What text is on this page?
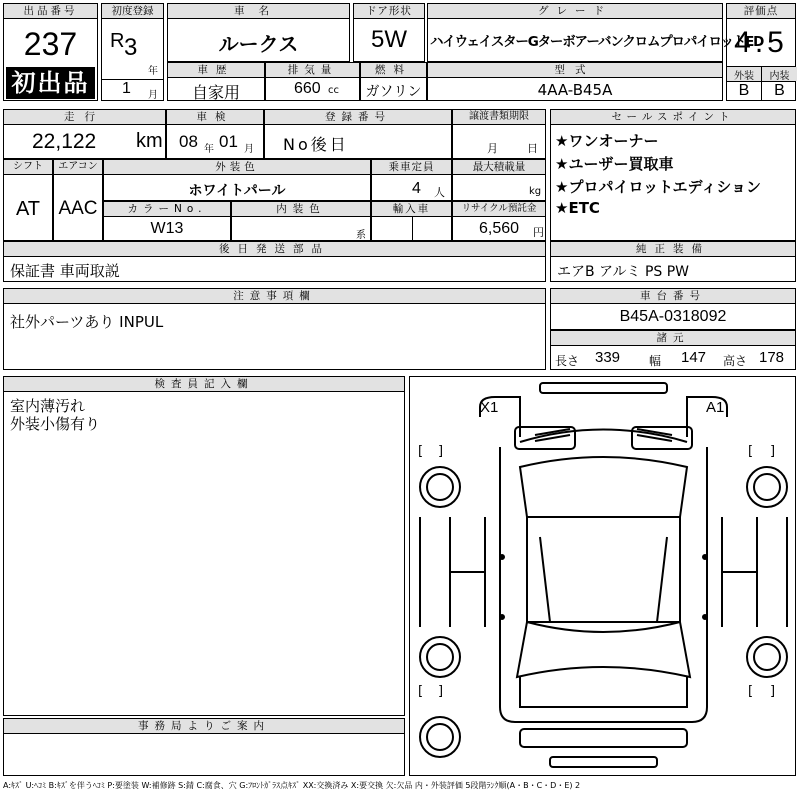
出品番号
237
初出品
初度登録
R 3
年
1 月
車名
ルークス
ドア形状
5W
グレード
ハイウェイスターGターボアーバンクロムプロパイロットED
評価点
4.5
外装	内装
B	B
車歴
自家用
排気量
660 cc
燃料
ガソリン
型式
4AA-B45A
走行
22,122 km
車検
08 年 01 月
登録番号
No後日
譲渡書類期限
月	日
シフト
AT
エアコン
AAC
外装色
ホワイトパール
乗車定員
4 人
最大積載量
kg
カラーNo.
W13
内装色
系
輸入車	リサイクル預託金
6,560 円
後日発送部品
保証書 車両取説
セールスポイント
★ワンオーナー
★ユーザー買取車
★プロパイロットエディション
★ETC
純正装備
エアB アルミ PS PW
注意事項欄
社外パーツあり INPUL
車台番号
B45A-0318092
諸元
長さ 339 幅 147 高さ 178
検査員記入欄
室内薄汚れ
外装小傷有り
事務局よりご案内
X1	A1
[ ]	[ ]
[ ]	[ ]
A:ｷｽﾞ U:ﾍｺﾐ B:ｷｽﾞを伴うﾍｺﾐ P:要塗装 W:補修跡 S:錆 C:腐食、穴 G:ﾌﾛﾝﾄｶﾞﾗｽ点ｷｽﾞ XX:交換済み X:要交換 欠:欠品 内・外装評価 5段階ﾗﾝｸ順(A・B・C・D・E) 2
